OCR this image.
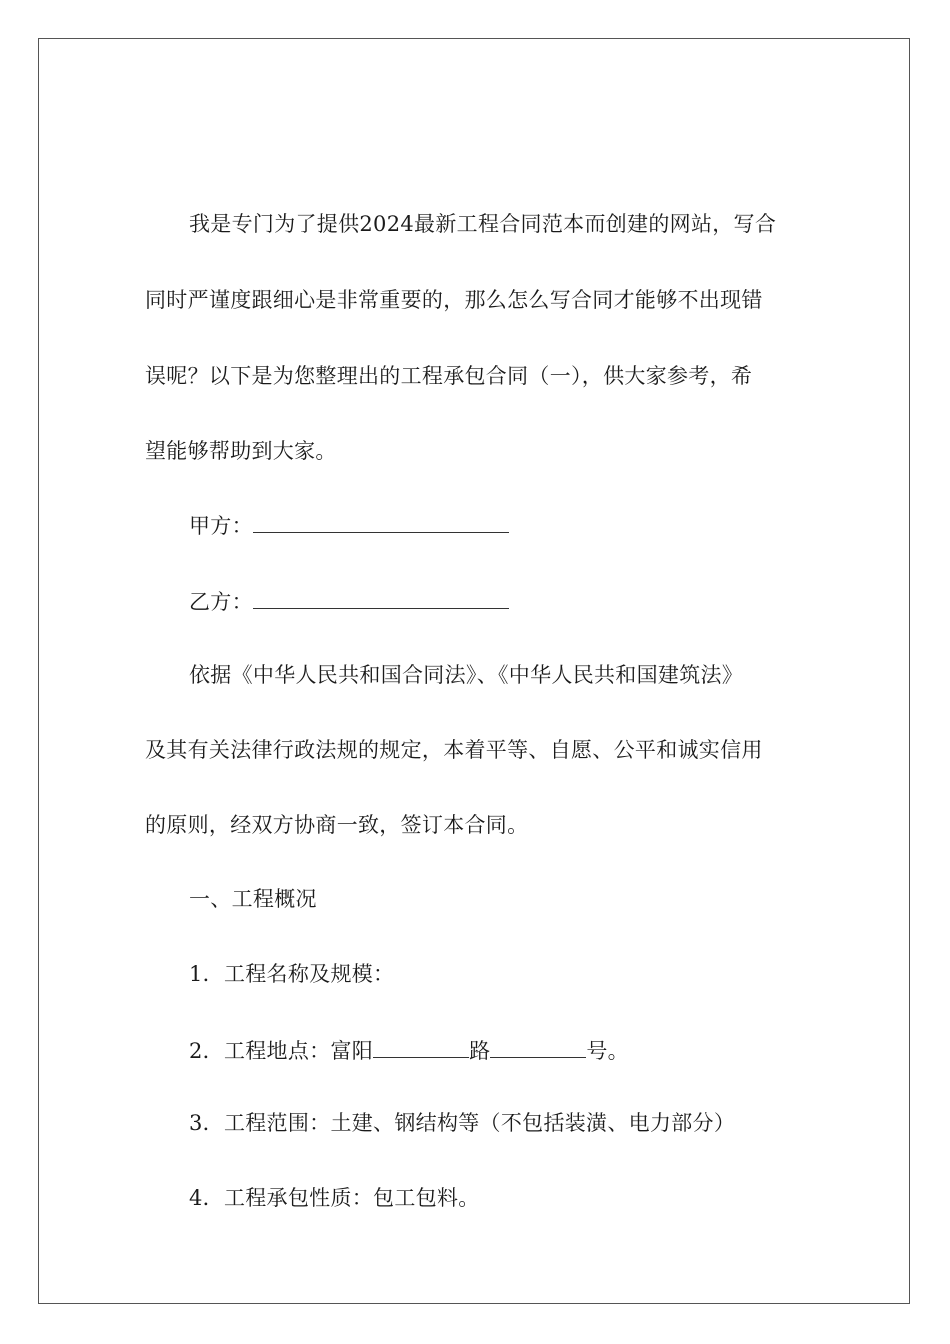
我是专门为了提供2024最新工程合同范本而创建的网站，写合
同时严谨度跟细心是非常重要的，那么怎么写合同才能够不出现错
误呢？以下是为您整理出的工程承包合同（一），供大家参考，希
望能够帮助到大家。
甲方：
乙方：
依据《中华人民共和国合同法》、《中华人民共和国建筑法》
及其有关法律行政法规的规定，本着平等、自愿、公平和诚实信用
的原则，经双方协商一致，签订本合同。
一、工程概况
1．工程名称及规模：
2．工程地点：富阳	路	号。
3．工程范围：土建、钢结构等（不包括装潢、电力部分）
4．工程承包性质：包工包料。
